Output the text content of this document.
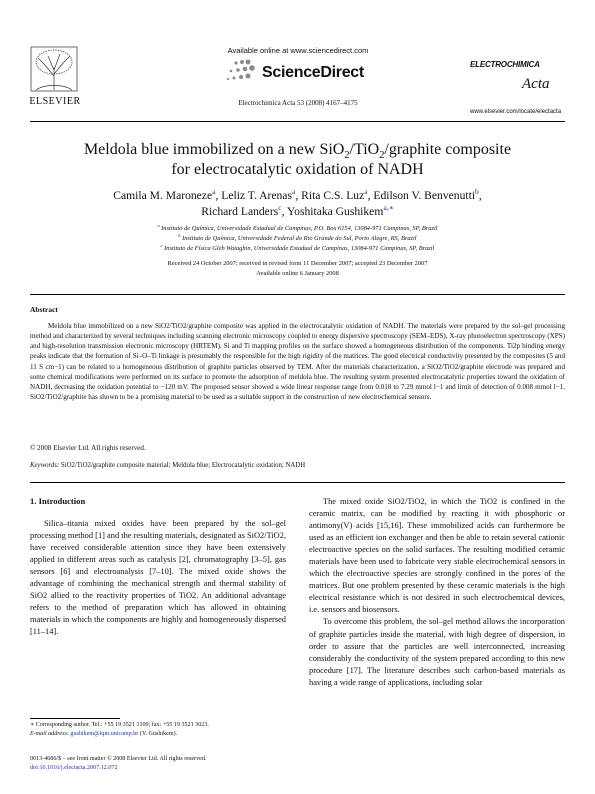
ELSEVIER
Available online at www.sciencedirect.com
ScienceDirect
Electrochimica Acta 53 (2008) 4167–4175
ELECTROCHIMICA
Acta
www.elsevier.com/locate/electacta
Meldola blue immobilized on a new SiO$_2$/TiO$_2$/graphite composite
for electrocatalytic oxidation of NADH
Camila M. Maroneze$^a$, Leliz T. Arenas$^a$, Rita C.S. Luz$^a$, Edilson V. Benvenutti$^b$,
Richard Landers$^c$, Yoshitaka Gushikem$^{a,∗}$
$^a$ Instituto de Química, Universidade Estadual de Campinas, P.O. Box 6154, 13084-971 Campinas, SP, Brazil
$^b$ Instituto de Química, Universidade Federal do Rio Grande do Sul, Porto Alegre, RS, Brazil
$^c$ Instituto de Física Gleb Wataghin, Universidade Estadual de Campinas, 13084-971 Campinas, SP, Brazil
Received 24 October 2007; received in revised form 11 December 2007; accepted 23 December 2007
Available online 6 January 2008
Abstract
Meldola blue immobilized on a new SiO2/TiO2/graphite composite was applied in the electrocatalytic oxidation of NADH. The materials were prepared by the sol–gel processing method and characterized by several techniques including scanning electronic microscopy coupled to energy dispersive spectroscopy (SEM–EDS), X-ray photoelectron spectroscopy (XPS) and high-resolution transmission electronic microscopy (HRTEM). Si and Ti mapping profiles on the surface showed a homogeneous distribution of the components. Ti2p binding energy peaks indicate that the formation of Si–O–Ti linkage is presumably the responsible for the high rigidity of the matrices. The good electrical conductivity presented by the composites (5 and 11 S cm−1) can be related to a homogeneous distribution of graphite particles observed by TEM. After the materials characterization, a SiO2/TiO2/graphite electrode was prepared and some chemical modifications were performed on its surface to promote the adsorption of meldola blue. The resulting system presented electrocatalytic properties toward the oxidation of NADH, decreasing the oxidation potential to −120 mV. The proposed sensor showed a wide linear response range from 0.018 to 7.29 mmol l−1 and limit of detection of 0.008 mmol l−1. SiO2/TiO2/graphite has shown to be a promising material to be used as a suitable support in the construction of new electrochemical sensors.
© 2008 Elsevier Ltd. All rights reserved.
Keywords: SiO2/TiO2/graphite composite material; Meldola blue; Electrocatalytic oxidation; NADH
1. Introduction

Silica–titania mixed oxides have been prepared by the sol–gel processing method [1] and the resulting materials, designated as SiO2/TiO2, have received considerable attention since they have been extensively applied in different areas such as catalysis [2], chromatography [3–5], gas sensors [6] and electroanalysis [7–10]. The mixed oxide shows the advantage of combining the mechanical strength and thermal stability of SiO2 allied to the reactivity properties of TiO2. An additional advantage refers to the method of preparation which has allowed in obtaining materials in which the components are highly and homogeneously dispersed [11–14].

The mixed oxide SiO2/TiO2, in which the TiO2 is confined in the ceramic matrix, can be modified by reacting it with phosphoric or antimony(V) acids [15,16]. These immobilized acids can furthermore be used as an efficient ion exchanger and then be able to retain several cationic electroactive species on the solid surfaces. The resulting modified ceramic materials have been used to fabricate very stable electrochemical sensors in which the electroactive species are strongly confined in the pores of the matrices. But one problem presented by these ceramic materials is the high electrical resistance which is not desired in such electrochemical devices, i.e. sensors and biosensors.

To overcome this problem, the sol–gel method allows the incorporation of graphite particles inside the material, with high degree of dispersion, in order to assure that the particles are well interconnected, increasing considerably the conductivity of the system prepared according to this new procedure [17]. The literature describes such carbon-based materials as having a wide range of applications, including solar

∗ Corresponding author. Tel.: +55 19 3521 3109; fax: +55 19 3521 3023.
E-mail address: gushikem@iqm.unicamp.br (Y. Gushikem).
0013-4686/$ – see front matter © 2008 Elsevier Ltd. All rights reserved.
doi:10.1016/j.electacta.2007.12.072
